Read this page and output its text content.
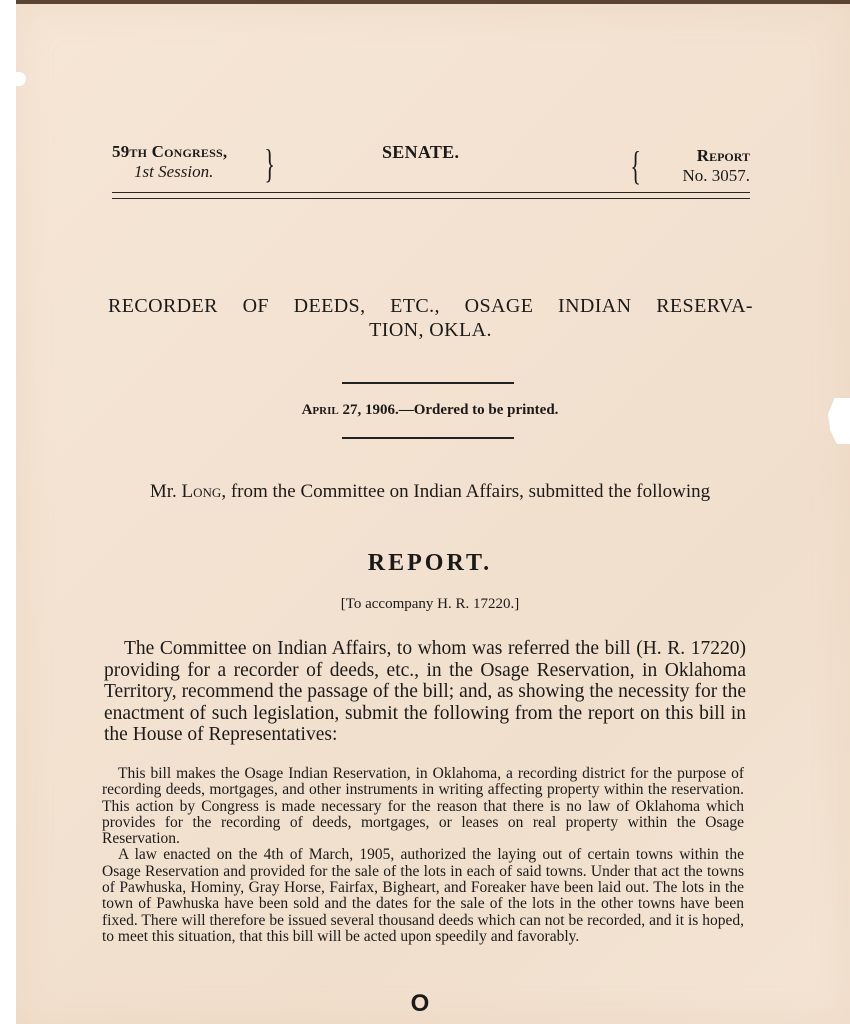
59th Congress,
1st Session.	}	SENATE.	{	Report
No. 3057.
RECORDER OF DEEDS, ETC., OSAGE INDIAN RESERVA-
TION, OKLA.
April 27, 1906.—Ordered to be printed.
Mr. Long, from the Committee on Indian Affairs, submitted the following
REPORT.
[To accompany H. R. 17220.]
The Committee on Indian Affairs, to whom was referred the bill (H. R. 17220) providing for a recorder of deeds, etc., in the Osage Reservation, in Oklahoma Territory, recommend the passage of the bill; and, as showing the necessity for the enactment of such legislation, submit the following from the report on this bill in the House of Representatives:

This bill makes the Osage Indian Reservation, in Oklahoma, a recording district for the purpose of recording deeds, mortgages, and other instruments in writing affecting property within the reservation. This action by Congress is made necessary for the reason that there is no law of Oklahoma which provides for the recording of deeds, mortgages, or leases on real property within the Osage Reservation.

A law enacted on the 4th of March, 1905, authorized the laying out of certain towns within the Osage Reservation and provided for the sale of the lots in each of said towns. Under that act the towns of Pawhuska, Hominy, Gray Horse, Fairfax, Bigheart, and Foreaker have been laid out. The lots in the town of Pawhuska have been sold and the dates for the sale of the lots in the other towns have been fixed. There will therefore be issued several thousand deeds which can not be recorded, and it is hoped, to meet this situation, that this bill will be acted upon speedily and favorably.

O
